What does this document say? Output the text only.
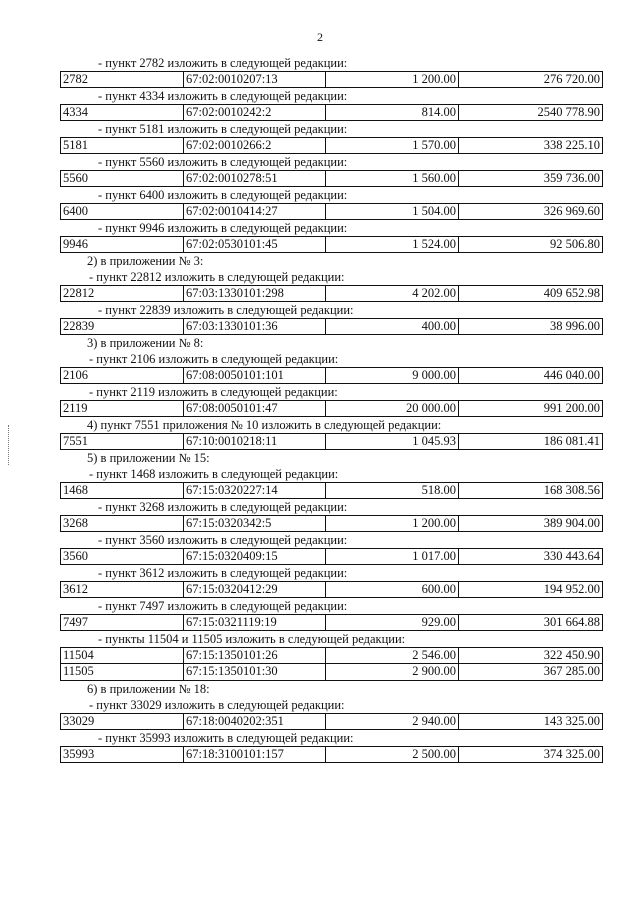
2
- пункт 2782 изложить в следующей редакции:
2782	67:02:0010207:13	1 200.00	276 720.00
- пункт 4334 изложить в следующей редакции:
4334	67:02:0010242:2	814.00	2540 778.90
- пункт 5181 изложить в следующей редакции:
5181	67:02:0010266:2	1 570.00	338 225.10
- пункт 5560 изложить в следующей редакции:
5560	67:02:0010278:51	1 560.00	359 736.00
- пункт 6400 изложить в следующей редакции:
6400	67:02:0010414:27	1 504.00	326 969.60
- пункт 9946 изложить в следующей редакции:
9946	67:02:0530101:45	1 524.00	92 506.80
2) в приложении № 3:
- пункт 22812 изложить в следующей редакции:
22812	67:03:1330101:298	4 202.00	409 652.98
- пункт 22839 изложить в следующей редакции:
22839	67:03:1330101:36	400.00	38 996.00
3) в приложении № 8:
- пункт 2106 изложить в следующей редакции:
2106	67:08:0050101:101	9 000.00	446 040.00
- пункт 2119 изложить в следующей редакции:
2119	67:08:0050101:47	20 000.00	991 200.00
4) пункт 7551 приложения № 10 изложить в следующей редакции:
7551	67:10:0010218:11	1 045.93	186 081.41
5) в приложении № 15:
- пункт 1468 изложить в следующей редакции:
1468	67:15:0320227:14	518.00	168 308.56
- пункт 3268 изложить в следующей редакции:
3268	67:15:0320342:5	1 200.00	389 904.00
- пункт 3560 изложить в следующей редакции:
3560	67:15:0320409:15	1 017.00	330 443.64
- пункт 3612 изложить в следующей редакции:
3612	67:15:0320412:29	600.00	194 952.00
- пункт 7497 изложить в следующей редакции:
7497	67:15:0321119:19	929.00	301 664.88
- пункты 11504 и 11505 изложить в следующей редакции:
11504	67:15:1350101:26	2 546.00	322 450.90
11505	67:15:1350101:30	2 900.00	367 285.00
6) в приложении № 18:
- пункт 33029 изложить в следующей редакции:
33029	67:18:0040202:351	2 940.00	143 325.00
- пункт 35993 изложить в следующей редакции:
35993	67:18:3100101:157	2 500.00	374 325.00
